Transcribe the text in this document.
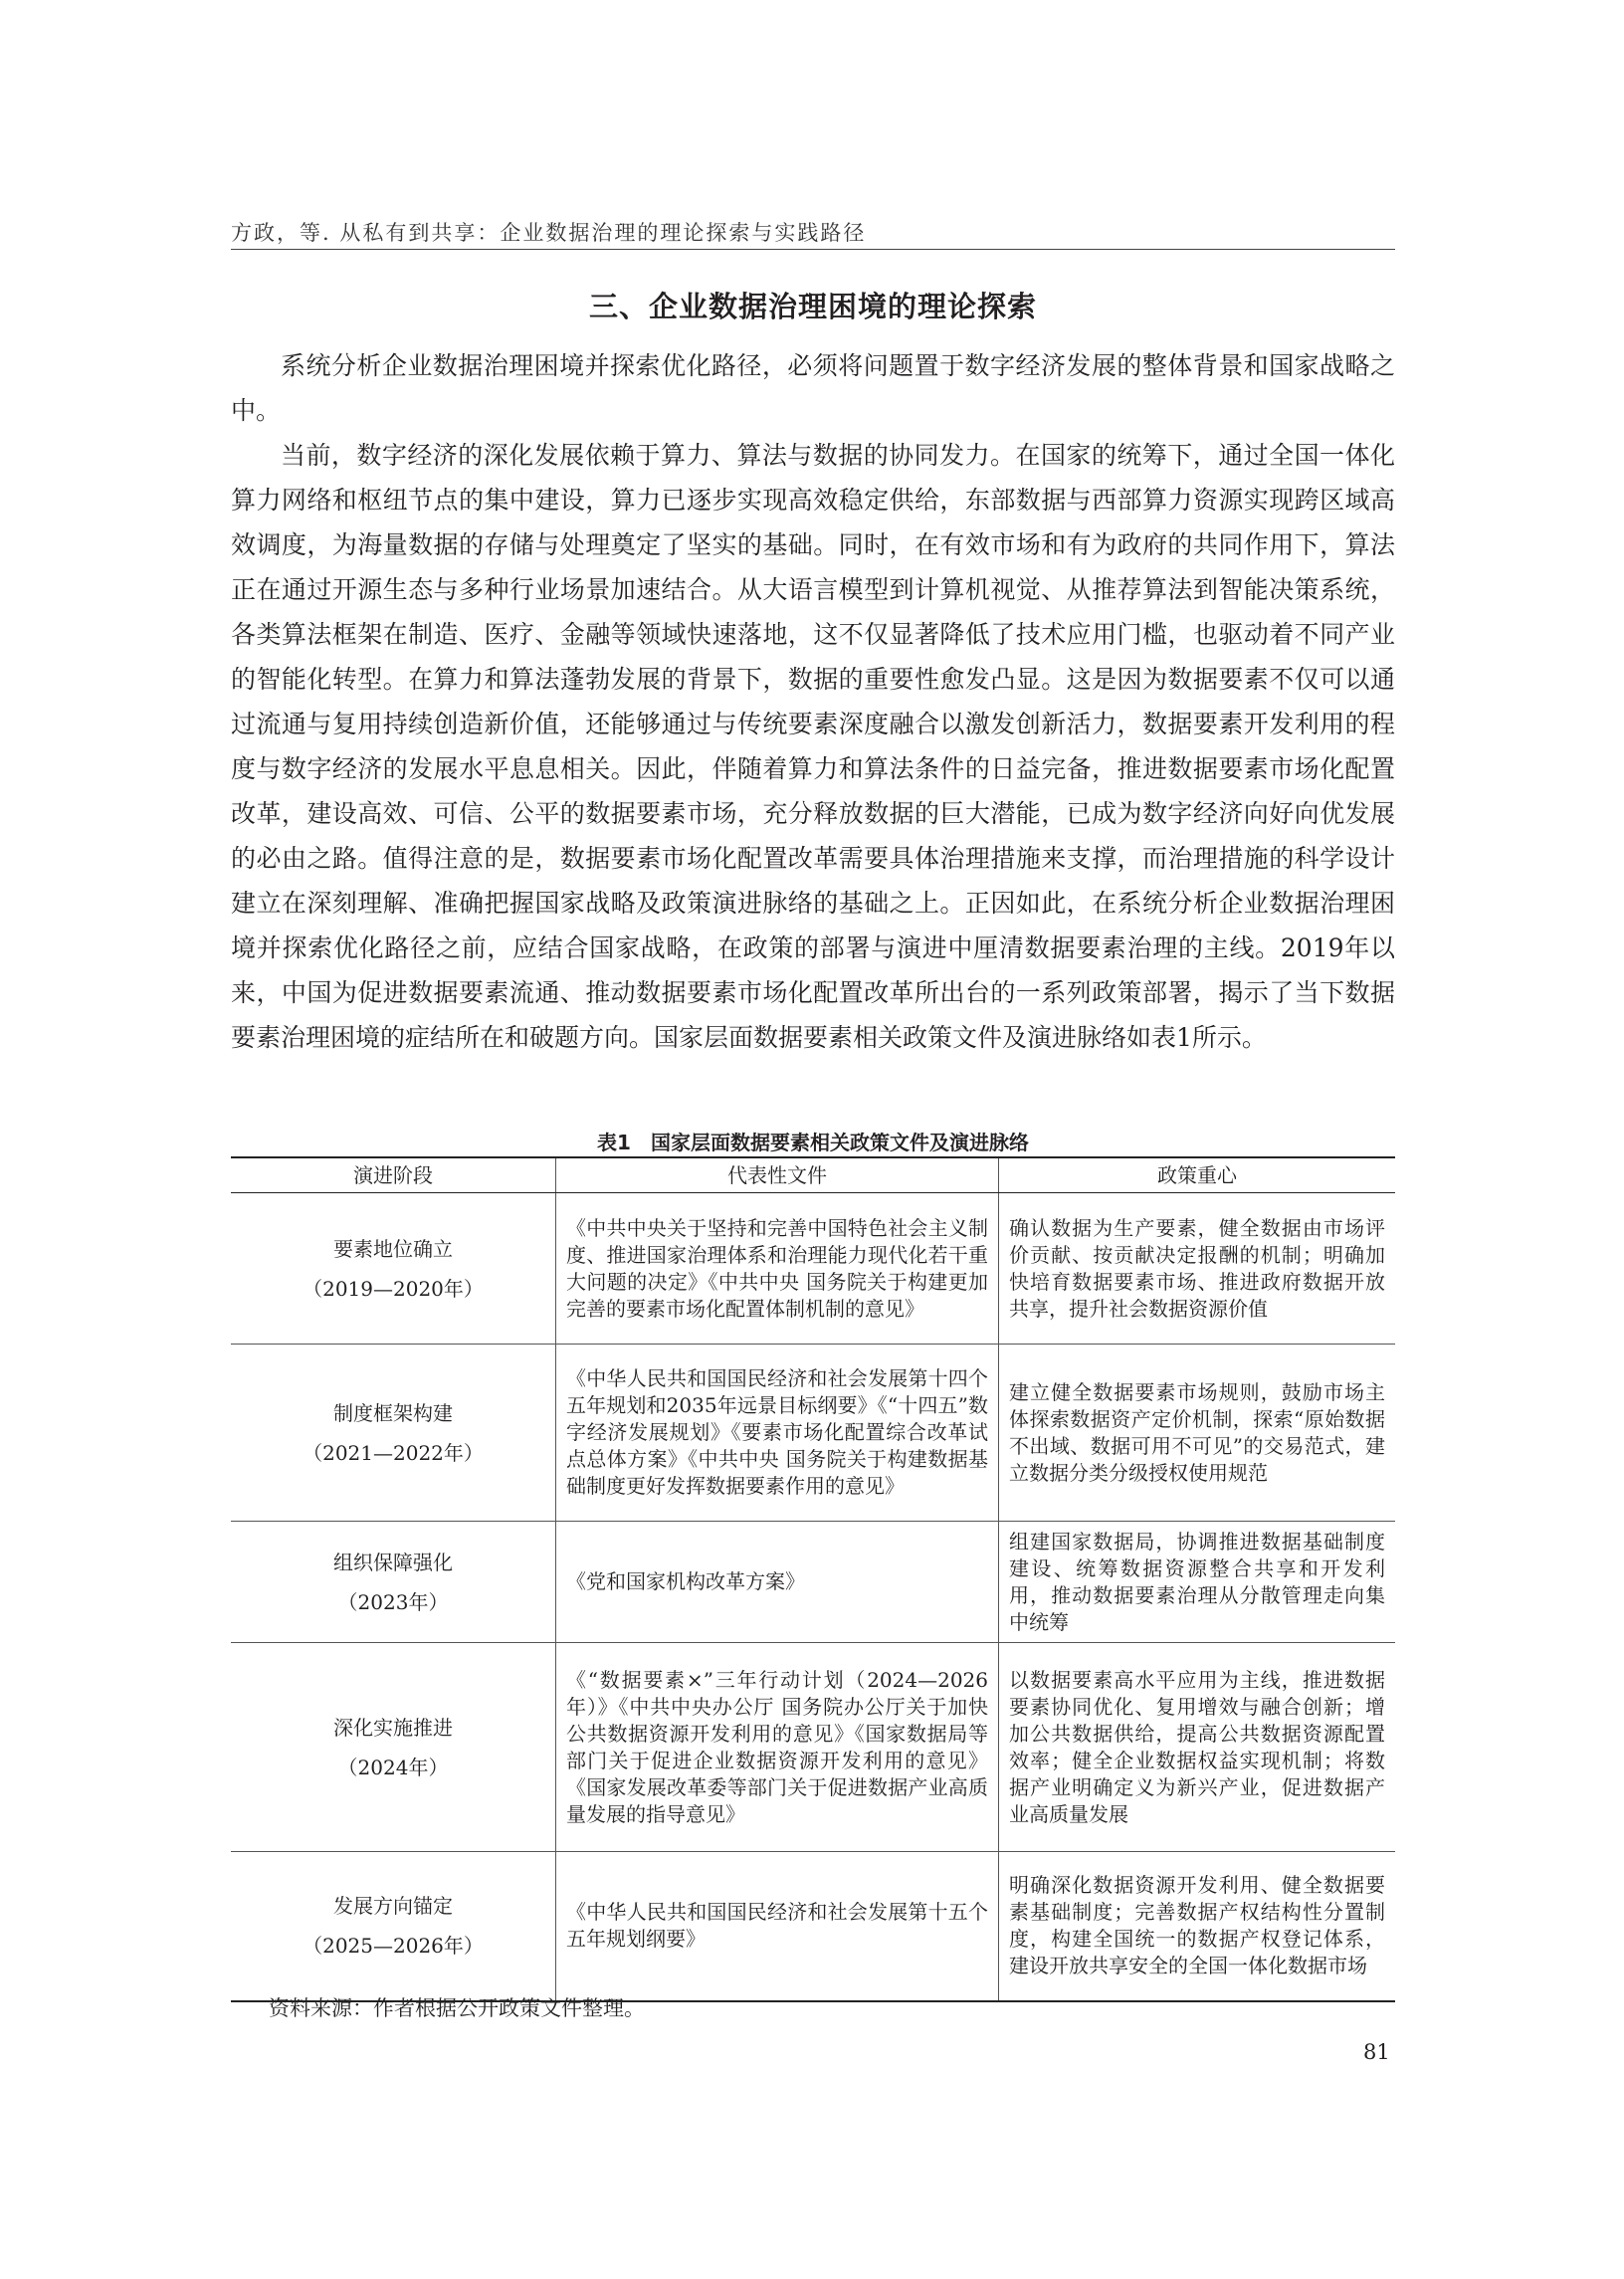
方政，等. 从私有到共享：企业数据治理的理论探索与实践路径
三、企业数据治理困境的理论探索

系统分析企业数据治理困境并探索优化路径，必须将问题置于数字经济发展的整体背景和国家战略之中。

当前，数字经济的深化发展依赖于算力、算法与数据的协同发力。在国家的统筹下，通过全国一体化算力网络和枢纽节点的集中建设，算力已逐步实现高效稳定供给，东部数据与西部算力资源实现跨区域高效调度，为海量数据的存储与处理奠定了坚实的基础。同时，在有效市场和有为政府的共同作用下，算法正在通过开源生态与多种行业场景加速结合。从大语言模型到计算机视觉、从推荐算法到智能决策系统，各类算法框架在制造、医疗、金融等领域快速落地，这不仅显著降低了技术应用门槛，也驱动着不同产业的智能化转型。在算力和算法蓬勃发展的背景下，数据的重要性愈发凸显。这是因为数据要素不仅可以通过流通与复用持续创造新价值，还能够通过与传统要素深度融合以激发创新活力，数据要素开发利用的程度与数字经济的发展水平息息相关。因此，伴随着算力和算法条件的日益完备，推进数据要素市场化配置改革，建设高效、可信、公平的数据要素市场，充分释放数据的巨大潜能，已成为数字经济向好向优发展的必由之路。值得注意的是，数据要素市场化配置改革需要具体治理措施来支撑，而治理措施的科学设计建立在深刻理解、准确把握国家战略及政策演进脉络的基础之上。正因如此，在系统分析企业数据治理困境并探索优化路径之前，应结合国家战略，在政策的部署与演进中厘清数据要素治理的主线。2019年以来，中国为促进数据要素流通、推动数据要素市场化配置改革所出台的一系列政策部署，揭示了当下数据要素治理困境的症结所在和破题方向。国家层面数据要素相关政策文件及演进脉络如表1所示。

表1　国家层面数据要素相关政策文件及演进脉络
演进阶段	代表性文件	政策重心

要素地位确立
（2019—2020年）	《中共中央关于坚持和完善中国特色社会主义制度、推进国家治理体系和治理能力现代化若干重大问题的决定》《中共中央 国务院关于构建更加完善的要素市场化配置体制机制的意见》	确认数据为生产要素，健全数据由市场评价贡献、按贡献决定报酬的机制；明确加快培育数据要素市场、推进政府数据开放共享，提升社会数据资源价值

制度框架构建
（2021—2022年）	《中华人民共和国国民经济和社会发展第十四个五年规划和2035年远景目标纲要》《“十四五”数字经济发展规划》《要素市场化配置综合改革试点总体方案》《中共中央 国务院关于构建数据基础制度更好发挥数据要素作用的意见》	建立健全数据要素市场规则，鼓励市场主体探索数据资产定价机制，探索“原始数据不出域、数据可用不可见”的交易范式，建立数据分类分级授权使用规范

组织保障强化
（2023年）	《党和国家机构改革方案》	组建国家数据局，协调推进数据基础制度建设、统筹数据资源整合共享和开发利用，推动数据要素治理从分散管理走向集中统筹

深化实施推进
（2024年）	《“数据要素×”三年行动计划（2024—2026年）》《中共中央办公厅 国务院办公厅关于加快公共数据资源开发利用的意见》《国家数据局等部门关于促进企业数据资源开发利用的意见》《国家发展改革委等部门关于促进数据产业高质量发展的指导意见》	以数据要素高水平应用为主线，推进数据要素协同优化、复用增效与融合创新；增加公共数据供给，提高公共数据资源配置效率；健全企业数据权益实现机制；将数据产业明确定义为新兴产业，促进数据产业高质量发展

发展方向锚定
（2025—2026年）	《中华人民共和国国民经济和社会发展第十五个五年规划纲要》	明确深化数据资源开发利用、健全数据要素基础制度；完善数据产权结构性分置制度，构建全国统一的数据产权登记体系，建设开放共享安全的全国一体化数据市场
资料来源：作者根据公开政策文件整理。
81
